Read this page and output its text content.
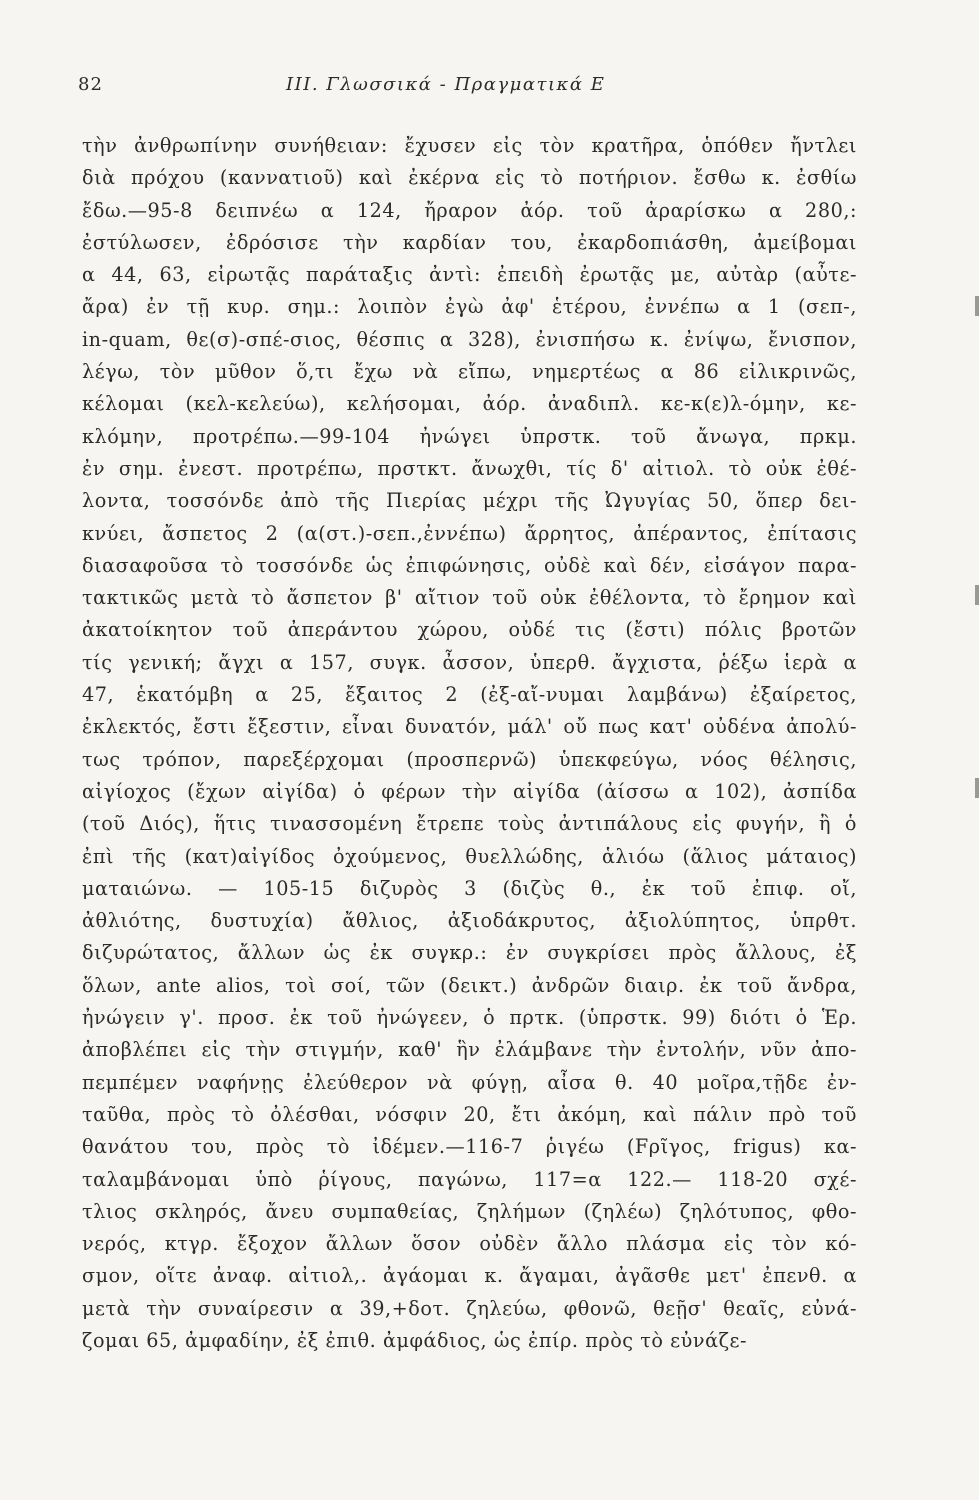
82	III. Γλωσσικά - Πραγματικά Ε
τὴν ἀνθρωπίνην συνήθειαν: ἔχυσεν εἰς τὸν κρατῆρα, ὁπόθεν ἤντλει
διὰ πρόχου (καννατιοῦ) καὶ ἐκέρνα εἰς τὸ ποτήριον. ἔσθω κ. ἐσθίω
ἔδω.—95-8 δειπνέω α 124, ἤραρον ἀόρ. τοῦ ἀραρίσκω α 280,:
ἐστύλωσεν, ἐδρόσισε τὴν καρδίαν του, ἐκαρδοπιάσθη, ἀμείβομαι
α 44, 63, εἰρωτᾷς παράταξις ἀντὶ: ἐπειδὴ ἐρωτᾷς με, αὐτὰρ (αὖτε-
ἄρα) ἐν τῇ κυρ. σημ.: λοιπὸν ἐγὼ ἀφ' ἑτέρου, ἐννέπω α 1 (σεπ-,
in-quam, θε(σ)-σπέ-σιος, θέσπις α 328), ἐνισπήσω κ. ἐνίψω, ἔνισπον,
λέγω, τὸν μῦθον ὅ,τι ἔχω νὰ εἴπω, νημερτέως α 86 εἰλικρινῶς,
κέλομαι (κελ-κελεύω), κελήσομαι, ἀόρ. ἀναδιπλ. κε-κ(ε)λ-όμην, κε-
κλόμην, προτρέπω.—99-104 ἠνώγει ὑπρστκ. τοῦ ἄνωγα, πρκμ.
ἐν σημ. ἐνεστ. προτρέπω, πρστκτ. ἄνωχθι, τίς δ' αἰτιολ. τὸ οὐκ ἐθέ-
λοντα, τοσσόνδε ἀπὸ τῆς Πιερίας μέχρι τῆς Ὠγυγίας 50, ὅπερ δει-
κνύει, ἄσπετος 2 (α(στ.)-σεπ.,ἐννέπω) ἄρρητος, ἀπέραντος, ἐπίτασις
διασαφοῦσα τὸ τοσσόνδε ὡς ἐπιφώνησις, οὐδὲ καὶ δέν, εἰσάγον παρα-
τακτικῶς μετὰ τὸ ἄσπετον β' αἴτιον τοῦ οὐκ ἐθέλοντα, τὸ ἔρημον καὶ
ἀκατοίκητον τοῦ ἀπεράντου χώρου, οὐδέ τις (ἔστι) πόλις βροτῶν
τίς γενική; ἄγχι α 157, συγκ. ἆσσον, ὑπερθ. ἄγχιστα, ῥέξω ἱερὰ α
47, ἑκατόμβη α 25, ἔξαιτος 2 (ἐξ-αἴ-νυμαι λαμβάνω) ἐξαίρετος,
ἐκλεκτός, ἔστι ἔξεστιν, εἶναι δυνατόν, μάλ' οὔ πως κατ' οὐδένα ἀπολύ-
τως τρόπον, παρεξέρχομαι (προσπερνῶ) ὑπεκφεύγω, νόος θέλησις,
αἰγίοχος (ἔχων αἰγίδα) ὁ φέρων τὴν αἰγίδα (ἀίσσω α 102), ἀσπίδα
(τοῦ Διός), ἥτις τινασσομένη ἔτρεπε τοὺς ἀντιπάλους εἰς φυγήν, ἢ ὁ
ἐπὶ τῆς (κατ)αἰγίδος ὀχούμενος, θυελλώδης, ἁλιόω (ἅλιος μάταιος)
ματαιώνω. — 105-15 διζυρὸς 3 (διζὺς θ., ἐκ τοῦ ἐπιφ. οἴ,
ἀθλιότης, δυστυχία) ἄθλιος, ἀξιοδάκρυτος, ἀξιολύπητος, ὑπρθτ.
διζυρώτατος, ἄλλων ὡς ἐκ συγκρ.: ἐν συγκρίσει πρὸς ἄλλους, ἐξ
ὅλων, ante alios, τοὶ σοί, τῶν (δεικτ.) ἀνδρῶν διαιρ. ἐκ τοῦ ἄνδρα,
ἠνώγειν γ'. προσ. ἐκ τοῦ ἠνώγεεν, ὁ πρτκ. (ὑπρστκ. 99) διότι ὁ Ἑρ.
ἀποβλέπει εἰς τὴν στιγμήν, καθ' ἣν ἐλάμβανε τὴν ἐντολήν, νῦν ἀπο-
πεμπέμεν ναφήνῃς ἐλεύθερον νὰ φύγῃ, αἶσα θ. 40 μοῖρα,τῇδε ἐν-
ταῦθα, πρὸς τὸ ὀλέσθαι, νόσφιν 20, ἔτι ἀκόμη, καὶ πάλιν πρὸ τοῦ
θανάτου του, πρὸς τὸ ἰδέμεν.—116-7 ῥιγέω (Fρῖγος, frigus) κα-
ταλαμβάνομαι ὑπὸ ῥίγους, παγώνω, 117=α 122.— 118-20 σχέ-
τλιος σκληρός, ἄνευ συμπαθείας, ζηλήμων (ζηλέω) ζηλότυπος, φθο-
νερός, κτγρ. ἔξοχον ἄλλων ὅσον οὐδὲν ἄλλο πλάσμα εἰς τὸν κό-
σμον, οἵτε ἀναφ. αἰτιολ,. ἀγάομαι κ. ἄγαμαι, ἀγᾶσθε μετ' ἐπενθ. α
μετὰ τὴν συναίρεσιν α 39,+δοτ. ζηλεύω, φθονῶ, θεῇσ' θεαῖς, εὐνά-
ζομαι 65, ἀμφαδίην, ἐξ ἐπιθ. ἀμφάδιος, ὡς ἐπίρ. πρὸς τὸ εὐνάζε-
